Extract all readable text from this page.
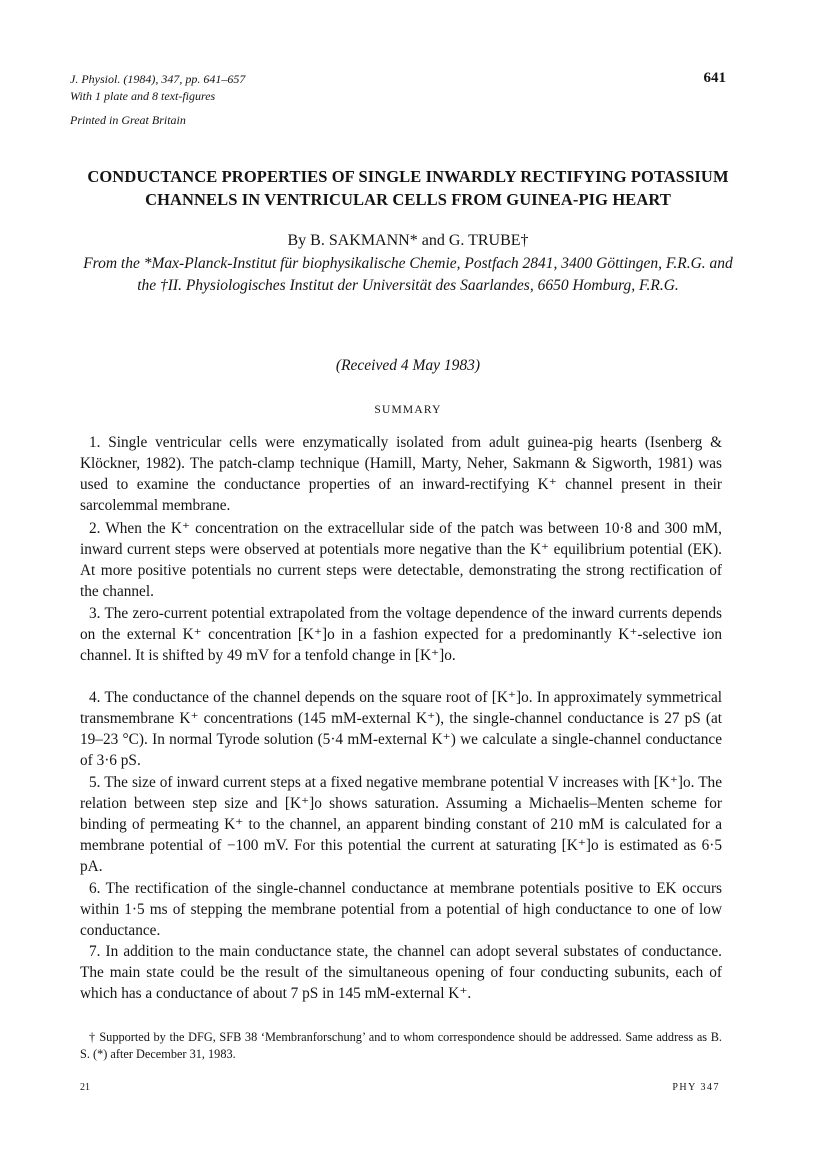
J. Physiol. (1984), 347, pp. 641–657
With 1 plate and 8 text-figures
Printed in Great Britain
641
CONDUCTANCE PROPERTIES OF SINGLE INWARDLY RECTIFYING POTASSIUM CHANNELS IN VENTRICULAR CELLS FROM GUINEA-PIG HEART
By B. SAKMANN* and G. TRUBE†
From the *Max-Planck-Institut für biophysikalische Chemie, Postfach 2841, 3400 Göttingen, F.R.G. and the †II. Physiologisches Institut der Universität des Saarlandes, 6650 Homburg, F.R.G.
(Received 4 May 1983)
SUMMARY

1. Single ventricular cells were enzymatically isolated from adult guinea-pig hearts (Isenberg & Klöckner, 1982). The patch-clamp technique (Hamill, Marty, Neher, Sakmann & Sigworth, 1981) was used to examine the conductance properties of an inward-rectifying K⁺ channel present in their sarcolemmal membrane.

2. When the K⁺ concentration on the extracellular side of the patch was between 10·8 and 300 mM, inward current steps were observed at potentials more negative than the K⁺ equilibrium potential (EK). At more positive potentials no current steps were detectable, demonstrating the strong rectification of the channel.

3. The zero-current potential extrapolated from the voltage dependence of the inward currents depends on the external K⁺ concentration [K⁺]o in a fashion expected for a predominantly K⁺-selective ion channel. It is shifted by 49 mV for a tenfold change in [K⁺]o.

4. The conductance of the channel depends on the square root of [K⁺]o. In approximately symmetrical transmembrane K⁺ concentrations (145 mM-external K⁺), the single-channel conductance is 27 pS (at 19–23 °C). In normal Tyrode solution (5·4 mM-external K⁺) we calculate a single-channel conductance of 3·6 pS.

5. The size of inward current steps at a fixed negative membrane potential V increases with [K⁺]o. The relation between step size and [K⁺]o shows saturation. Assuming a Michaelis–Menten scheme for binding of permeating K⁺ to the channel, an apparent binding constant of 210 mM is calculated for a membrane potential of −100 mV. For this potential the current at saturating [K⁺]o is estimated as 6·5 pA.

6. The rectification of the single-channel conductance at membrane potentials positive to EK occurs within 1·5 ms of stepping the membrane potential from a potential of high conductance to one of low conductance.

7. In addition to the main conductance state, the channel can adopt several substates of conductance. The main state could be the result of the simultaneous opening of four conducting subunits, each of which has a conductance of about 7 pS in 145 mM-external K⁺.

† Supported by the DFG, SFB 38 ‘Membranforschung’ and to whom correspondence should be addressed. Same address as B. S. (*) after December 31, 1983.

21	PHY 347
